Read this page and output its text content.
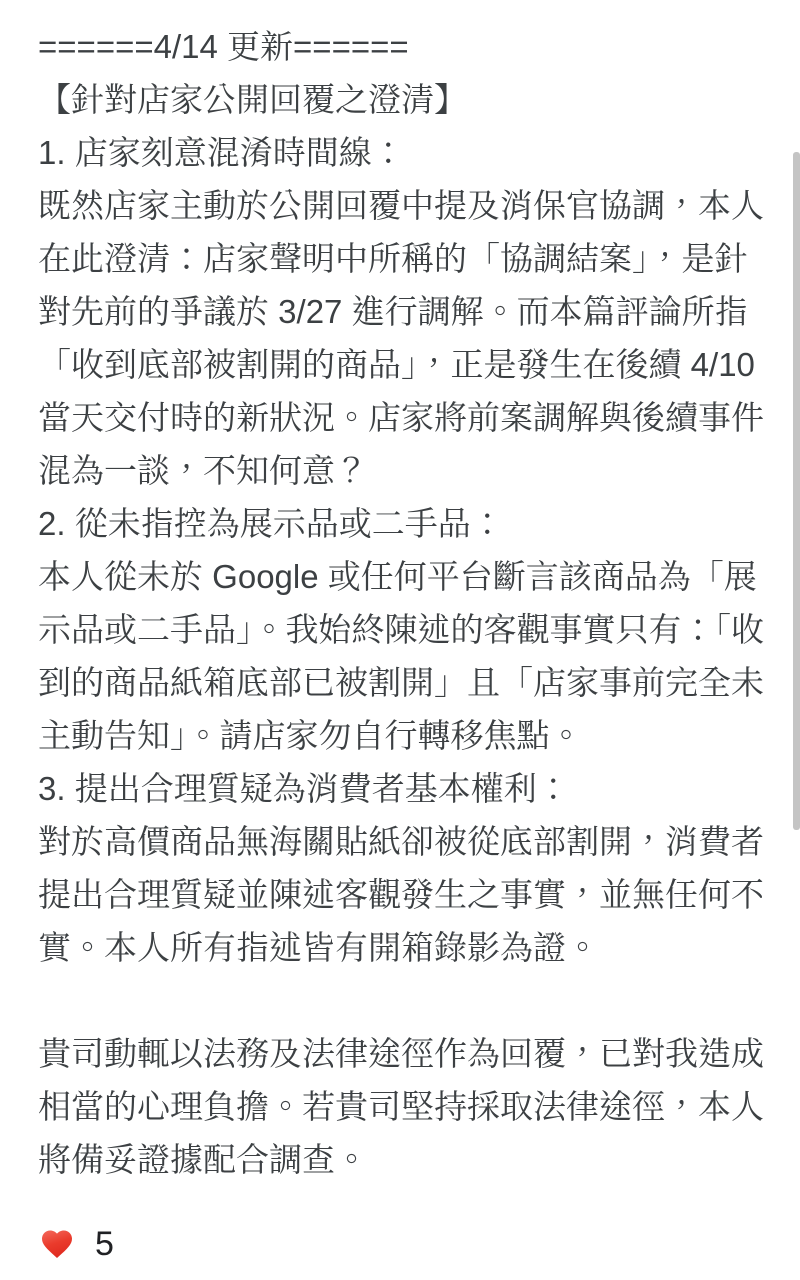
======4/14 更新======

【針對店家公開回覆之澄清】

1. 店家刻意混淆時間線：

既然店家主動於公開回覆中提及消保官協調，本人在此澄清：店家聲明中所稱的「協調結案」，是針對先前的爭議於 3/27 進行調解。而本篇評論所指「收到底部被割開的商品」，正是發生在後續 4/10 當天交付時的新狀況。店家將前案調解與後續事件混為一談，不知何意？

2. 從未指控為展示品或二手品：

本人從未於 Google 或任何平台斷言該商品為「展示品或二手品」。我始終陳述的客觀事實只有：「收到的商品紙箱底部已被割開」且「店家事前完全未主動告知」。請店家勿自行轉移焦點。

3. 提出合理質疑為消費者基本權利：

對於高價商品無海關貼紙卻被從底部割開，消費者提出合理質疑並陳述客觀發生之事實，並無任何不實。本人所有指述皆有開箱錄影為證。

貴司動輒以法務及法律途徑作為回覆，已對我造成相當的心理負擔。若貴司堅持採取法律途徑，本人將備妥證據配合調查。

5
